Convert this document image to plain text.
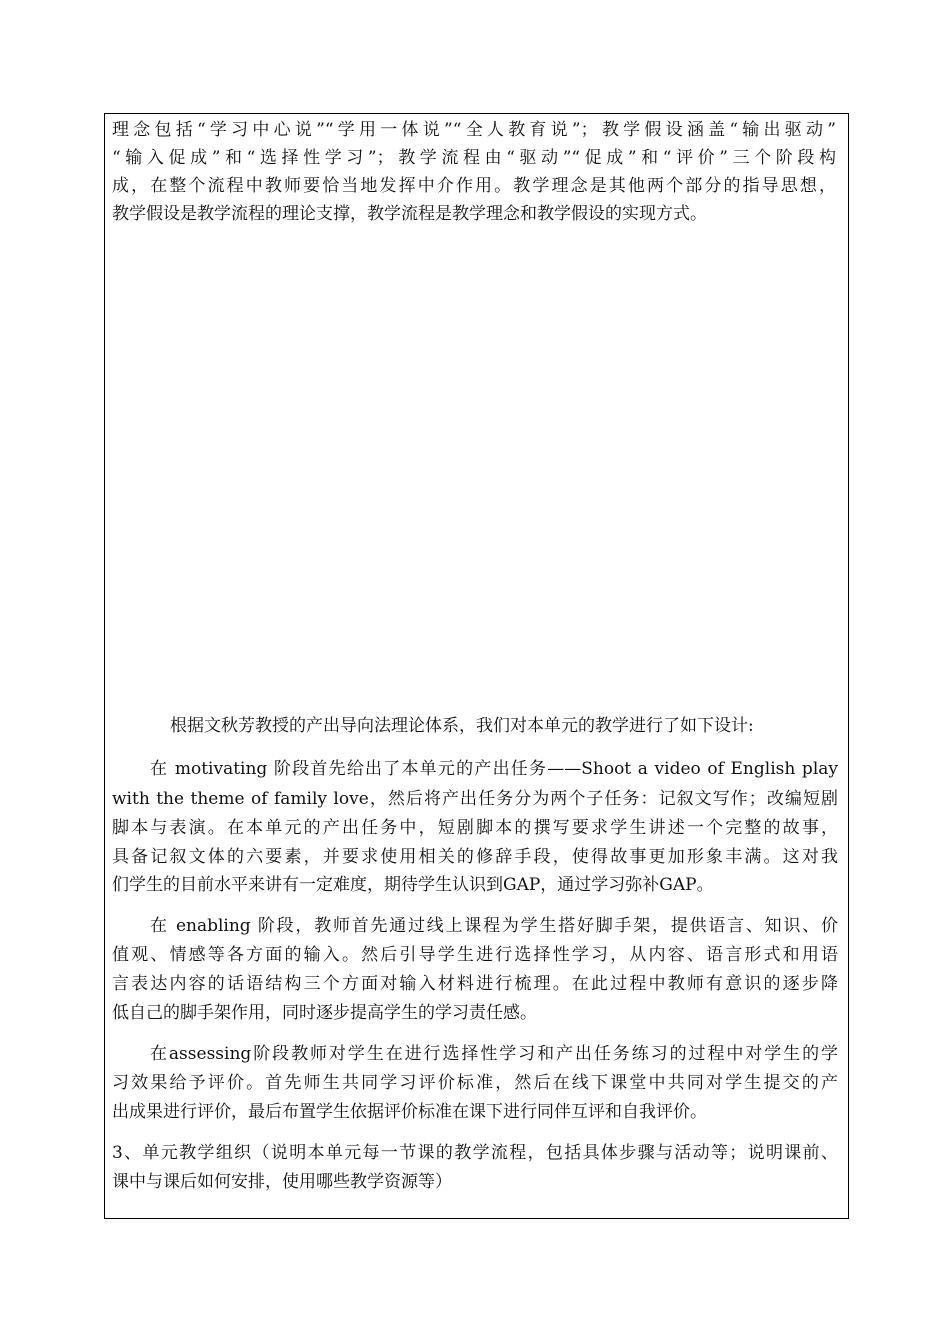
理念包括“学习中心说”“学用一体说”“全人教育说”；教学假设涵盖“输出驱动”
“输入促成”和“选择性学习”；教学流程由“驱动”“促成”和“评价”三个阶段构
成，在整个流程中教师要恰当地发挥中介作用。教学理念是其他两个部分的指导思想，
教学假设是教学流程的理论支撑，教学流程是教学理念和教学假设的实现方式。
根据文秋芳教授的产出导向法理论体系，我们对本单元的教学进行了如下设计:
在 motivating 阶段首先给出了本单元的产出任务——Shoot a video of English play
with the theme of family love，然后将产出任务分为两个子任务：记叙文写作；改编短剧
脚本与表演。在本单元的产出任务中，短剧脚本的撰写要求学生讲述一个完整的故事，
具备记叙文体的六要素，并要求使用相关的修辞手段，使得故事更加形象丰满。这对我
们学生的目前水平来讲有一定难度，期待学生认识到GAP，通过学习弥补GAP。
在 enabling 阶段，教师首先通过线上课程为学生搭好脚手架，提供语言、知识、价
值观、情感等各方面的输入。然后引导学生进行选择性学习，从内容、语言形式和用语
言表达内容的话语结构三个方面对输入材料进行梳理。在此过程中教师有意识的逐步降
低自己的脚手架作用，同时逐步提高学生的学习责任感。
在assessing阶段教师对学生在进行选择性学习和产出任务练习的过程中对学生的学
习效果给予评价。首先师生共同学习评价标准，然后在线下课堂中共同对学生提交的产
出成果进行评价，最后布置学生依据评价标准在课下进行同伴互评和自我评价。
3、单元教学组织（说明本单元每一节课的教学流程，包括具体步骤与活动等；说明课前、
课中与课后如何安排，使用哪些教学资源等）
